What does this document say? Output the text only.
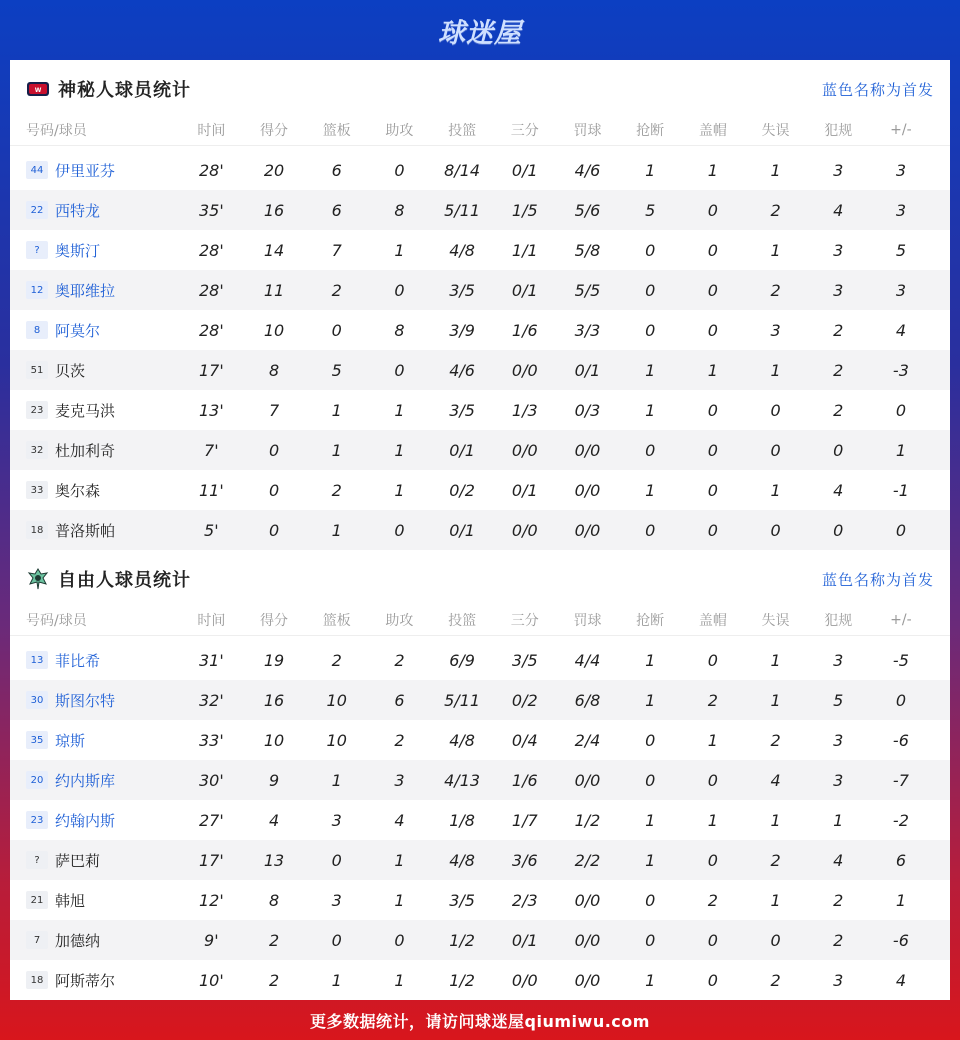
球迷屋
W 神秘人球员统计	蓝色名称为首发
号码/球员	时间	得分	篮板	助攻	投篮	三分	罚球	抢断	盖帽	失误	犯规	+/-
44 伊里亚芬	28'	20	6	0	8/14	0/1	4/6	1	1	1	3	3
22 西特龙	35'	16	6	8	5/11	1/5	5/6	5	0	2	4	3
?	奥斯汀	28'	14	7	1	4/8	1/1	5/8	0	0	1	3	5
12 奥耶维拉	28'	11	2	0	3/5	0/1	5/5	0	0	2	3	3
8 阿莫尔	28'	10	0	8	3/9	1/6	3/3	0	0	3	2	4
51 贝茨	17'	8	5	0	4/6	0/0	0/1	1	1	1	2	-3
23 麦克马洪	13'	7	1	1	3/5	1/3	0/3	1	0	0	2	0
32 杜加利奇	7'	0	1	1	0/1	0/0	0/0	0	0	0	0	1
33 奥尔森	11'	0	2	1	0/2	0/1	0/0	1	0	1	4	-1
18 普洛斯帕	5'	0	1	0	0/1	0/0	0/0	0	0	0	0	0
自由人球员统计	蓝色名称为首发
号码/球员	时间	得分	篮板	助攻	投篮	三分	罚球	抢断	盖帽	失误	犯规	+/-
13 菲比希	31'	19	2	2	6/9	3/5	4/4	1	0	1	3	-5
30 斯图尔特	32'	16	10	6	5/11	0/2	6/8	1	2	1	5	0
35 琼斯	33'	10	10	2	4/8	0/4	2/4	0	1	2	3	-6
20 约内斯库	30'	9	1	3	4/13	1/6	0/0	0	0	4	3	-7
23 约翰内斯	27'	4	3	4	1/8	1/7	1/2	1	1	1	1	-2
?	萨巴莉	17'	13	0	1	4/8	3/6	2/2	1	0	2	4	6
21 韩旭	12'	8	3	1	3/5	2/3	0/0	0	2	1	2	1
7 加德纳	9'	2	0	0	1/2	0/1	0/0	0	0	0	2	-6
18 阿斯蒂尔	10'	2	1	1	1/2	0/0	0/0	1	0	2	3	4
更多数据统计，请访问球迷屋qiumiwu.com
